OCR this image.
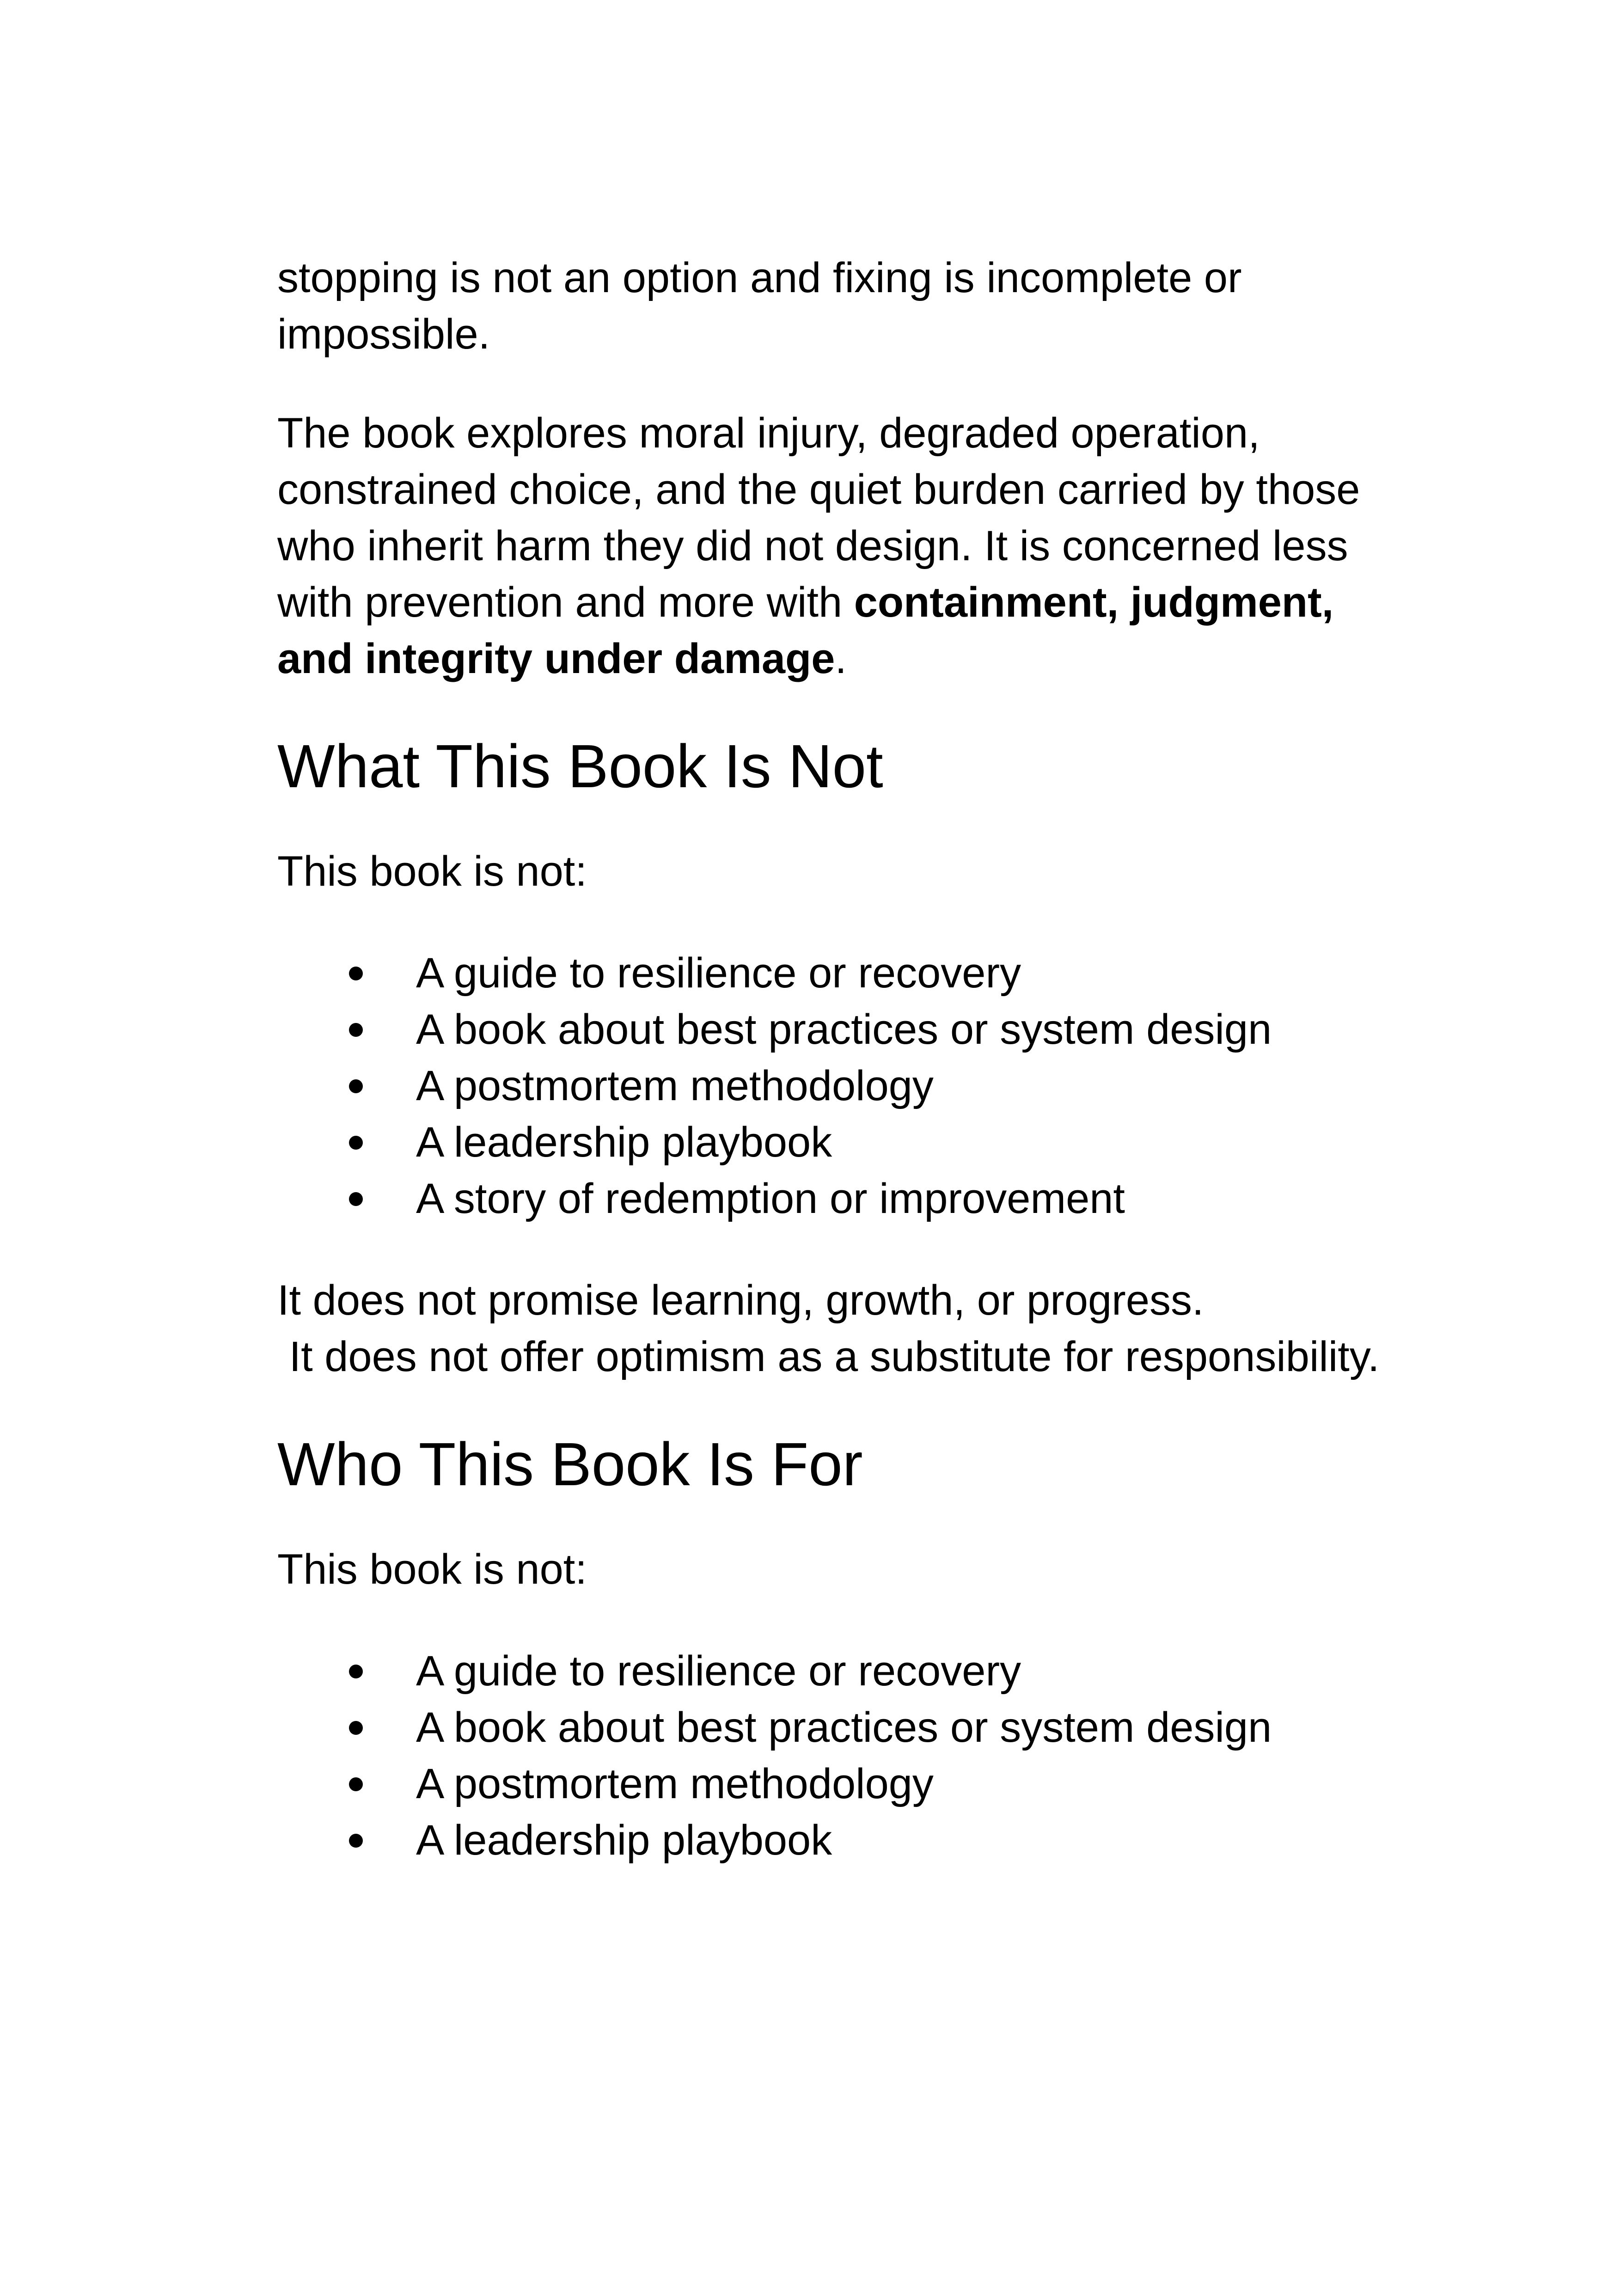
stopping is not an option and fixing is incomplete or impossible.

The book explores moral injury, degraded operation, constrained choice, and the quiet burden carried by those who inherit harm they did not design. It is concerned less with prevention and more with containment, judgment, and integrity under damage.

What This Book Is Not

This book is not:

A guide to resilience or recovery
A book about best practices or system design
A postmortem methodology
A leadership playbook
A story of redemption or improvement

It does not promise learning, growth, or progress.
It does not offer optimism as a substitute for responsibility.

Who This Book Is For

This book is not:

A guide to resilience or recovery
A book about best practices or system design
A postmortem methodology
A leadership playbook
